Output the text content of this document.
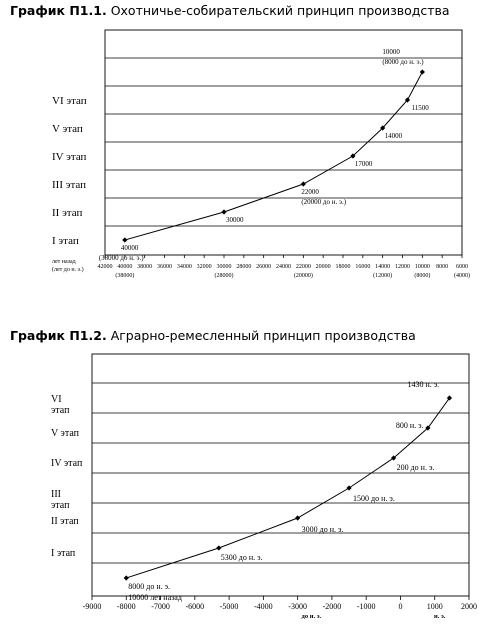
График П1.1. Охотничье-собирательский принцип производства
График П1.2. Аграрно-ремесленный принцип производства
I этап
II этап
III этап
IV этап
V этап
VI этап
42000 40000
(38000)
38000 36000 34000 32000 30000
(28000)
28000 26000 24000 22000
(20000)
20000 18000 16000 14000
(12000)
12000 10000
(8000)
8000 6000
(4000)
лет назад
(лет до н. э.)
40000
(38000 до н. э.)
30000
22000
(20000 до н. э.)
17000
14000
11500
10000
(8000 до н. э.)
I этап
II этап
III
этап
IV этап
V этап
VI
этап
-9000 -8000 -7000 -6000 -5000 -4000 -3000 -2000 -1000	0	1000 2000
до н. э.	н. э.
8000 до н. э.
10000 лет назад
5300 до н. э.
3000 до н. э.
1500 до н. э.
200 до н. э.
800 н. э.
1430 н. э.
